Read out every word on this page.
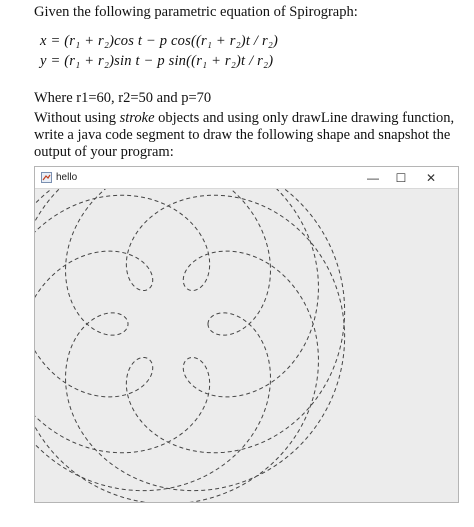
Given the following parametric equation of Spirograph:
x = (r₁ + r₂)cos t − p cos((r₁ + r₂)t / r₂)
y = (r₁ + r₂)sin t − p sin((r₁ + r₂)t / r₂)
Where r1=60, r2=50 and p=70
Without using stroke objects and using only drawLine drawing function, write a java code segment to draw the following shape and snapshot the output of your program:
hello	—	☐	✕
